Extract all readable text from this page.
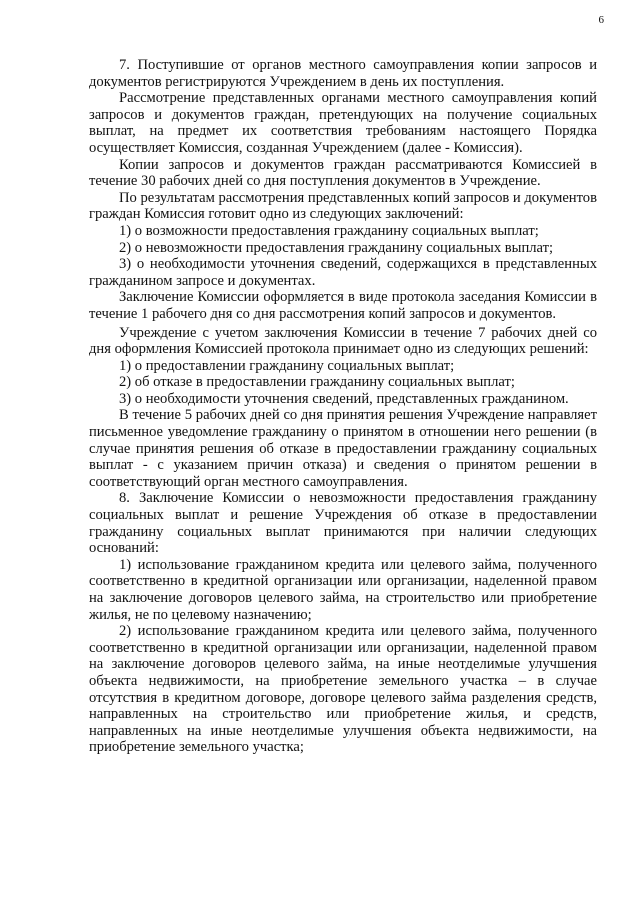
6

7. Поступившие от органов местного самоуправления копии запросов и документов регистрируются Учреждением в день их поступления.

Рассмотрение представленных органами местного самоуправления копий запросов и документов граждан, претендующих на получение социальных выплат, на предмет их соответствия требованиям настоящего Порядка осуществляет Комиссия, созданная Учреждением (далее - Комиссия).

Копии запросов и документов граждан рассматриваются Комиссией в течение 30 рабочих дней со дня поступления документов в Учреждение.

По результатам рассмотрения представленных копий запросов и документов граждан Комиссия готовит одно из следующих заключений:

1) о возможности предоставления гражданину социальных выплат;

2) о невозможности предоставления гражданину социальных выплат;

3) о необходимости уточнения сведений, содержащихся в представленных гражданином запросе и документах.

Заключение Комиссии оформляется в виде протокола заседания Комиссии в течение 1 рабочего дня со дня рассмотрения копий запросов и документов.

Учреждение с учетом заключения Комиссии в течение 7 рабочих дней со дня оформления Комиссией протокола принимает одно из следующих решений:

1) о предоставлении гражданину социальных выплат;

2) об отказе в предоставлении гражданину социальных выплат;

3) о необходимости уточнения сведений, представленных гражданином.

В течение 5 рабочих дней со дня принятия решения Учреждение направляет письменное уведомление гражданину о принятом в отношении него решении (в случае принятия решения об отказе в предоставлении гражданину социальных выплат - с указанием причин отказа) и сведения о принятом решении в соответствующий орган местного самоуправления.

8. Заключение Комиссии о невозможности предоставления гражданину социальных выплат и решение Учреждения об отказе в предоставлении гражданину социальных выплат принимаются при наличии следующих оснований:

1) использование гражданином кредита или целевого займа, полученного соответственно в кредитной организации или организации, наделенной правом на заключение договоров целевого займа, на строительство или приобретение жилья, не по целевому назначению;

2) использование гражданином кредита или целевого займа, полученного соответственно в кредитной организации или организации, наделенной правом на заключение договоров целевого займа, на иные неотделимые улучшения объекта недвижимости, на приобретение земельного участка – в случае отсутствия в кредитном договоре, договоре целевого займа разделения средств, направленных на строительство или приобретение жилья, и средств, направленных на иные неотделимые улучшения объекта недвижимости, на приобретение земельного участка;
